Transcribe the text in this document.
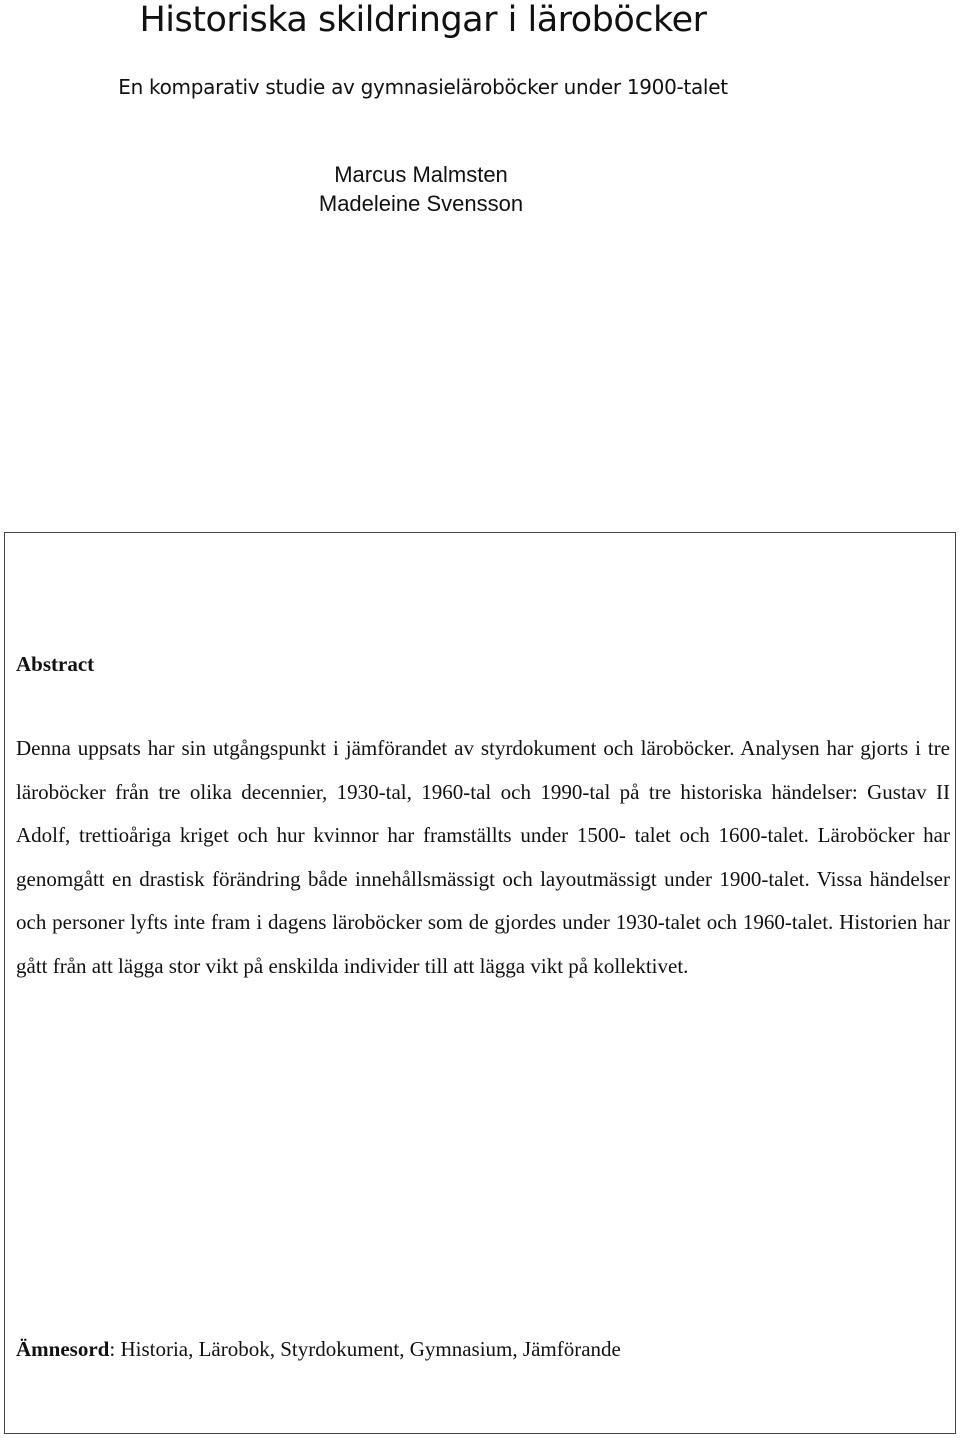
Historiska skildringar i läroböcker
En komparativ studie av gymnasieläroböcker under 1900-talet
Marcus Malmsten
Madeleine Svensson
Abstract

Denna uppsats har sin utgångspunkt i jämförandet av styrdokument och läroböcker. Analysen har gjorts i tre läroböcker från tre olika decennier, 1930-tal, 1960-tal och 1990-tal på tre historiska händelser: Gustav II Adolf, trettioåriga kriget och hur kvinnor har framställts under 1500- talet och 1600-talet. Läroböcker har genomgått en drastisk förändring både innehållsmässigt och layoutmässigt under 1900-talet. Vissa händelser och personer lyfts inte fram i dagens läroböcker som de gjordes under 1930-talet och 1960-talet. Historien har gått från att lägga stor vikt på enskilda individer till att lägga vikt på kollektivet.

Ämnesord: Historia, Lärobok, Styrdokument, Gymnasium, Jämförande
